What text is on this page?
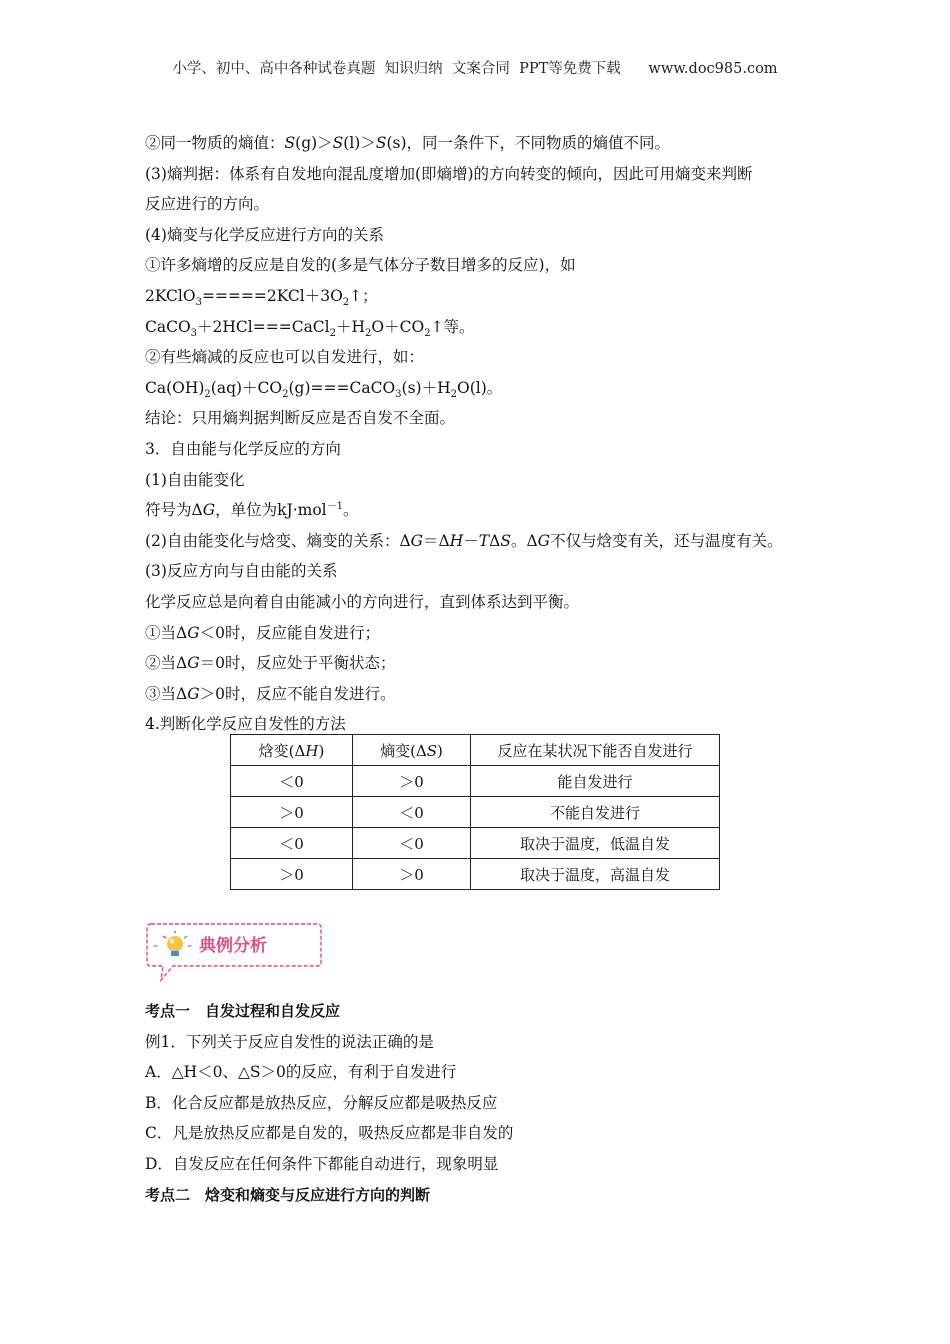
小学、初中、高中各种试卷真题  知识归纳  文案合同  PPT等免费下载      www.doc985.com
②同一物质的熵值：S(g)＞S(l)＞S(s)，同一条件下，不同物质的熵值不同。
(3)熵判据：体系有自发地向混乱度增加(即熵增)的方向转变的倾向，因此可用熵变来判断
反应进行的方向。
(4)熵变与化学反应进行方向的关系
①许多熵增的反应是自发的(多是气体分子数目增多的反应)，如
$2KClO_3=====2KCl+3O_2↑$；
$CaCO_3+2HCl===CaCl_2+H_2O+CO_2↑$等。
②有些熵减的反应也可以自发进行，如：
$Ca(OH)_2(aq)+CO_2(g)===CaCO_3(s)+H_2O(l)$。
结论：只用熵判据判断反应是否自发不全面。
3．自由能与化学反应的方向
(1)自由能变化
符号为ΔG，单位为kJ·mol$^{-1}$。
(2)自由能变化与焓变、熵变的关系：ΔG＝ΔH－TΔS。ΔG不仅与焓变有关，还与温度有关。
(3)反应方向与自由能的关系
化学反应总是向着自由能减小的方向进行，直到体系达到平衡。
①当ΔG＜0时，反应能自发进行；
②当ΔG＝0时，反应处于平衡状态；
③当ΔG＞0时，反应不能自发进行。
4.判断化学反应自发性的方法
焓变(ΔH)	熵变(ΔS)	反应在某状况下能否自发进行
＜0	＞0	能自发进行
＞0	＜0	不能自发进行
＜0	＜0	取决于温度，低温自发
＞0	＞0	取决于温度，高温自发
- - 典例分析
考点一　自发过程和自发反应
例1．下列关于反应自发性的说法正确的是
A．△H＜0、△S＞0的反应，有利于自发进行
B．化合反应都是放热反应，分解反应都是吸热反应
C．凡是放热反应都是自发的，吸热反应都是非自发的
D．自发反应在任何条件下都能自动进行，现象明显
考点二　焓变和熵变与反应进行方向的判断
